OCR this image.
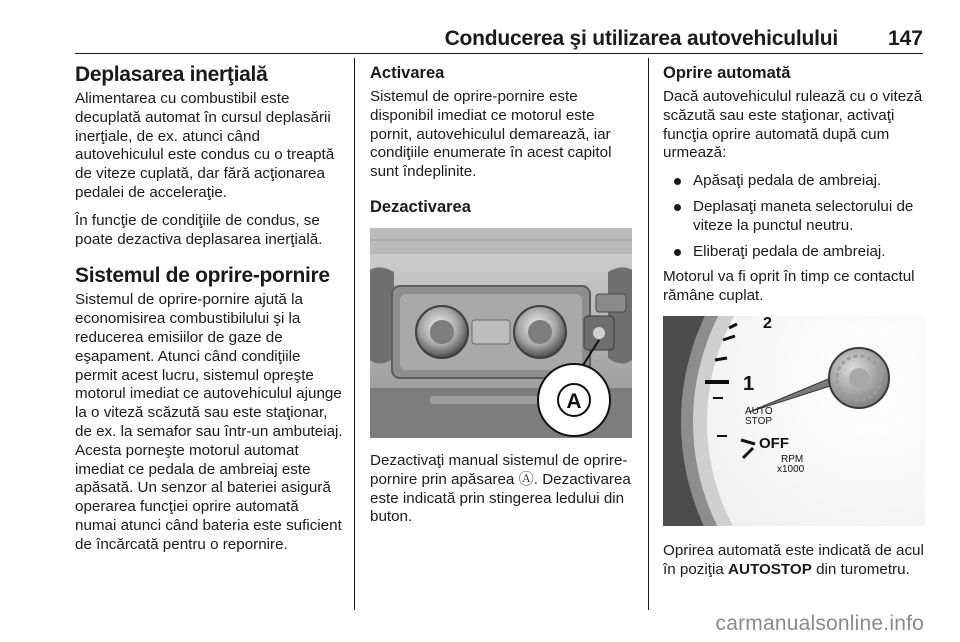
Conducerea şi utilizarea autovehiculului 147
Deplasarea inerţială

Alimentarea cu combustibil este decuplată automat în cursul deplasării inerţiale, de ex. atunci când autovehiculul este condus cu o treaptă de viteze cuplată, dar fără acţionarea pedalei de acceleraţie.

În funcţie de condiţiile de condus, se poate dezactiva deplasarea inerţială.

Sistemul de oprire-pornire

Sistemul de oprire-pornire ajută la economisirea combustibilului şi la reducerea emisiilor de gaze de eşapament. Atunci când condiţiile permit acest lucru, sistemul opreşte motorul imediat ce autovehiculul ajunge la o viteză scăzută sau este staţionar, de ex. la semafor sau într-un ambuteiaj. Acesta porneşte motorul automat imediat ce pedala de ambreiaj este apăsată. Un senzor al bateriei asigură operarea funcţiei oprire automată numai atunci când bateria este suficient de încărcată pentru o repornire.

Activarea

Sistemul de oprire-pornire este disponibil imediat ce motorul este pornit, autovehiculul demarează, iar condiţiile enumerate în acest capitol sunt îndeplinite.

Dezactivarea
A

Dezactivaţi manual sistemul de oprire-pornire prin apăsarea Ⓐ. Dezactivarea este indicată prin stingerea ledului din buton.

Oprire automată

Dacă autovehiculul rulează cu o viteză scăzută sau este staţionar, activaţi funcţia oprire automată după cum urmează:

Apăsaţi pedala de ambreiaj.
Deplasaţi maneta selectorului de viteze la punctul neutru.
Eliberaţi pedala de ambreiaj.

Motorul va fi oprit în timp ce contactul rămâne cuplat.

2
1
AUTO
STOP
OFF
RPM
x1000

Oprirea automată este indicată de acul în poziţia AUTOSTOP din turometru.

carmanualsonline.info
